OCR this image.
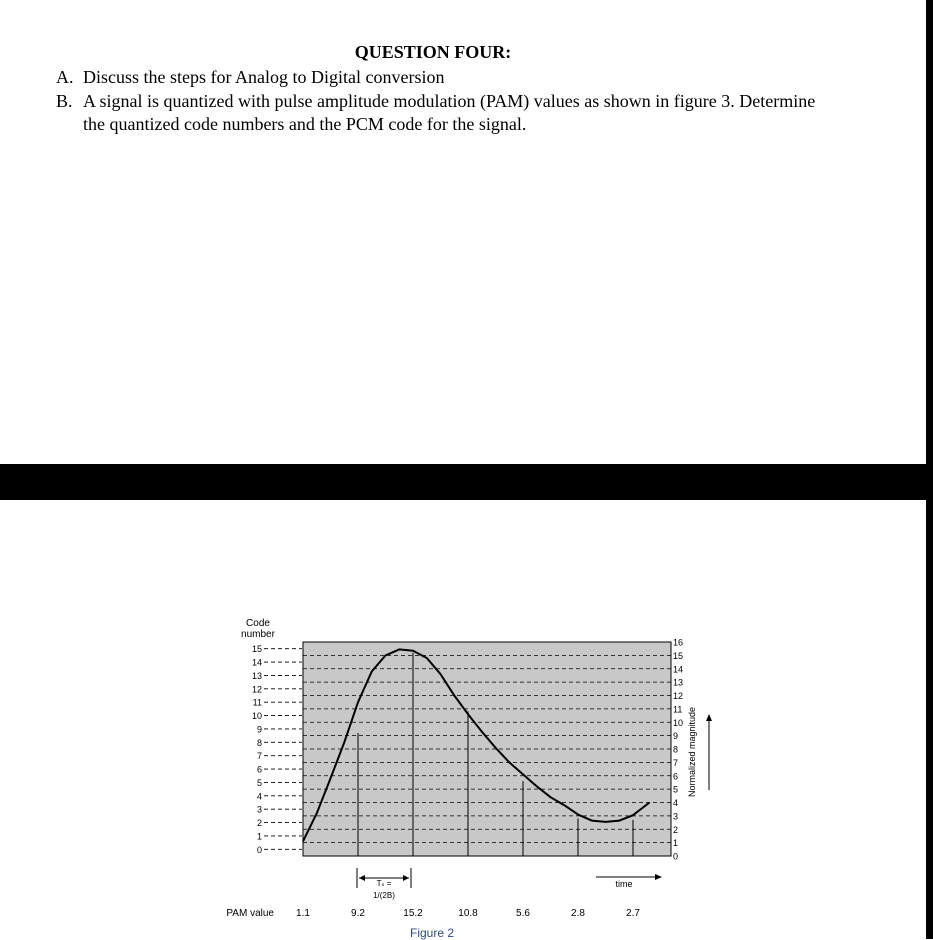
QUESTION FOUR:
A. Discuss the steps for Analog to Digital conversion
B. A signal is quantized with pulse amplitude modulation (PAM) values as shown in figure 3. Determine the quantized code numbers and the PCM code for the signal.
0
1
2
3
4
5
6
7
8
9
10
11
12
13
14
15
0
1
2
3
4
5
6
7
8
9
10
11
12
13
14
15
16
1.1	9.2	15.2	10.8	5.6	2.8	2.7
Code
number
Tₛ =
1/(2B)
time
PAM value
Normalized magnitude
Figure 2
